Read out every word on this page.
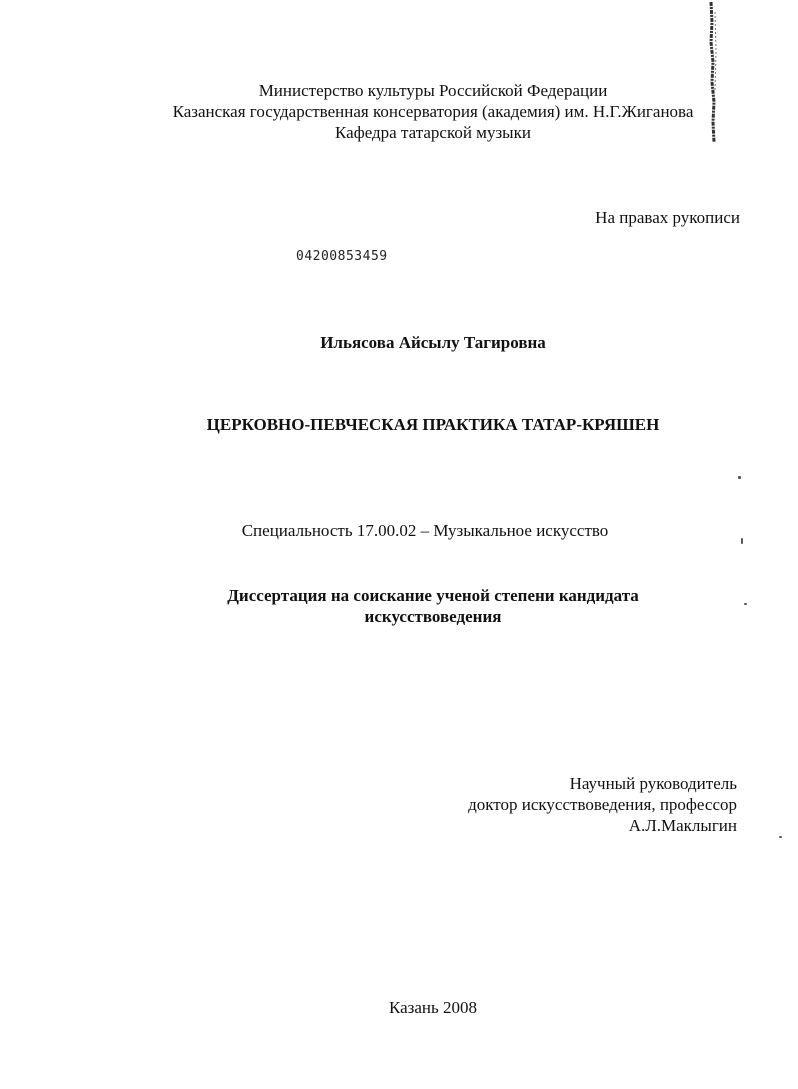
Министерство культуры Российской Федерации
Казанская государственная консерватория (академия) им. Н.Г.Жиганова
Кафедра татарской музыки
На правах рукописи
04200853459
Ильясова Айсылу Тагировна
ЦЕРКОВНО-ПЕВЧЕСКАЯ ПРАКТИКА ТАТАР-КРЯШЕН
Специальность 17.00.02 – Музыкальное искусство
Диссертация на соискание ученой степени кандидата
искусствоведения
Научный руководитель
доктор искусствоведения, профессор
А.Л.Маклыгин
Казань 2008
